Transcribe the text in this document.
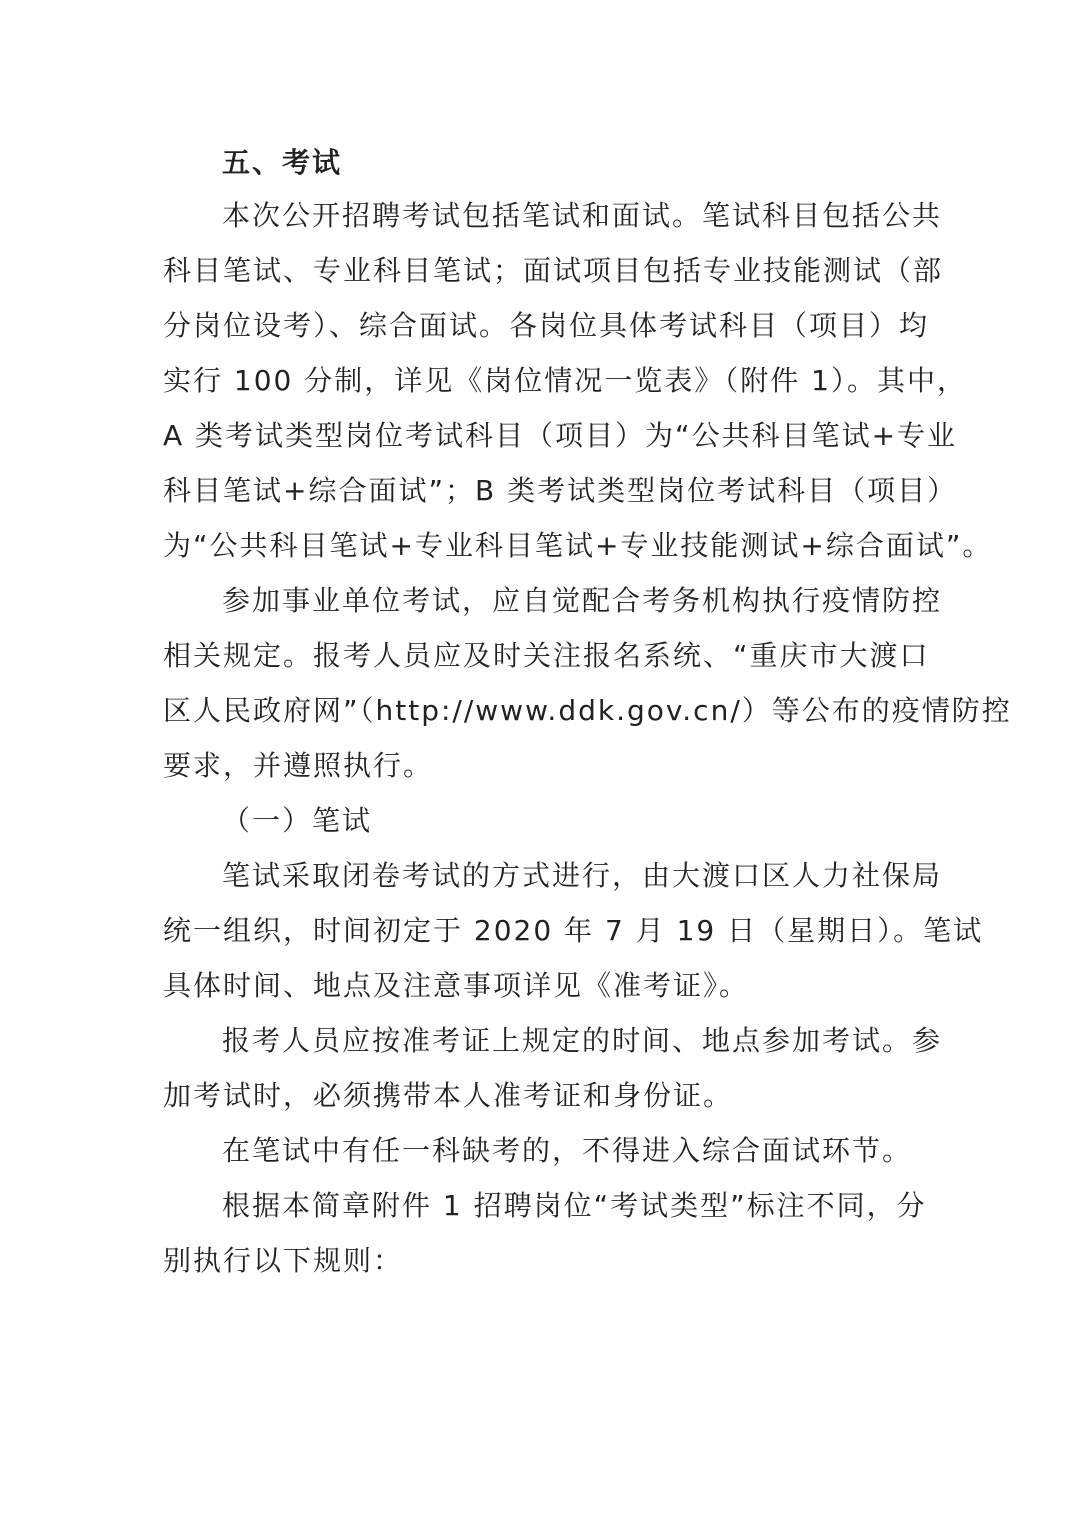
五、考试
本次公开招聘考试包括笔试和面试。笔试科目包括公共
科目笔试、专业科目笔试；面试项目包括专业技能测试（部
分岗位设考）、综合面试。各岗位具体考试科目（项目）均
实行 100 分制，详见《岗位情况一览表》（附件 1）。其中，
A 类考试类型岗位考试科目（项目）为“公共科目笔试+专业
科目笔试+综合面试”；B 类考试类型岗位考试科目（项目）
为“公共科目笔试+专业科目笔试+专业技能测试+综合面试”。
参加事业单位考试，应自觉配合考务机构执行疫情防控
相关规定。报考人员应及时关注报名系统、“重庆市大渡口
区人民政府网”（http://www.ddk.gov.cn/）等公布的疫情防控
要求，并遵照执行。
（一）笔试
笔试采取闭卷考试的方式进行，由大渡口区人力社保局
统一组织，时间初定于 2020 年 7 月 19 日（星期日）。笔试
具体时间、地点及注意事项详见《准考证》。
报考人员应按准考证上规定的时间、地点参加考试。参
加考试时，必须携带本人准考证和身份证。
在笔试中有任一科缺考的，不得进入综合面试环节。
根据本简章附件 1 招聘岗位“考试类型”标注不同，分
别执行以下规则：
